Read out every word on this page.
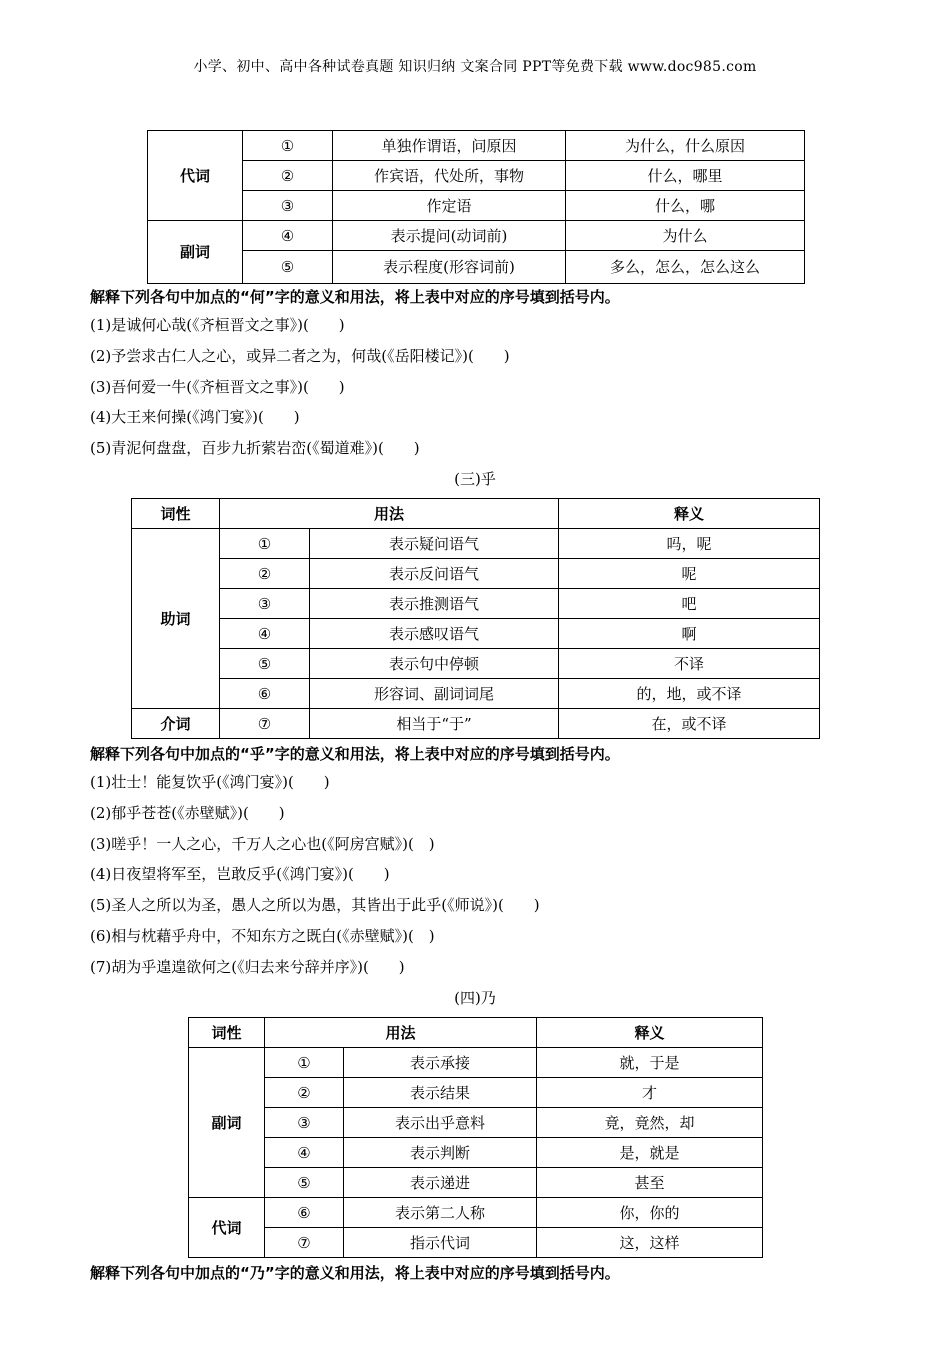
小学、初中、高中各种试卷真题 知识归纳 文案合同 PPT等免费下载 www.doc985.com
代词	①	单独作谓语，问原因	为什么，什么原因
	②	作宾语，代处所，事物	什么，哪里
	③	作定语	什么，哪
副词	④	表示提问(动词前)	为什么
	⑤	表示程度(形容词前)	多么，怎么，怎么这么
解释下列各句中加点的“何”字的意义和用法，将上表中对应的序号填到括号内。
(1)是诚何心哉(《齐桓晋文之事》)(　　)
(2)予尝求古仁人之心，或异二者之为，何哉(《岳阳楼记》)(　　)
(3)吾何爱一牛(《齐桓晋文之事》)(　　)
(4)大王来何操(《鸿门宴》)(　　)
(5)青泥何盘盘，百步九折萦岩峦(《蜀道难》)(　　)
(三)乎
词性	用法		释义
助词	①	表示疑问语气	吗，呢
	②	表示反问语气	呢
	③	表示推测语气	吧
	④	表示感叹语气	啊
	⑤	表示句中停顿	不译
	⑥	形容词、副词词尾	的，地，或不译
介词	⑦	相当于“于”	在，或不译
解释下列各句中加点的“乎”字的意义和用法，将上表中对应的序号填到括号内。
(1)壮士！能复饮乎(《鸿门宴》)(　　)
(2)郁乎苍苍(《赤壁赋》)(　　)
(3)嗟乎！一人之心，千万人之心也(《阿房宫赋》)(　)
(4)日夜望将军至，岂敢反乎(《鸿门宴》)(　　)
(5)圣人之所以为圣，愚人之所以为愚，其皆出于此乎(《师说》)(　　)
(6)相与枕藉乎舟中，不知东方之既白(《赤壁赋》)(　)
(7)胡为乎遑遑欲何之(《归去来兮辞并序》)(　　)
(四)乃
词性	用法		释义
副词	①	表示承接	就，于是
	②	表示结果	才
	③	表示出乎意料	竟，竟然，却
	④	表示判断	是，就是
	⑤	表示递进	甚至
代词	⑥	表示第二人称	你，你的
	⑦	指示代词	这，这样
解释下列各句中加点的“乃”字的意义和用法，将上表中对应的序号填到括号内。
